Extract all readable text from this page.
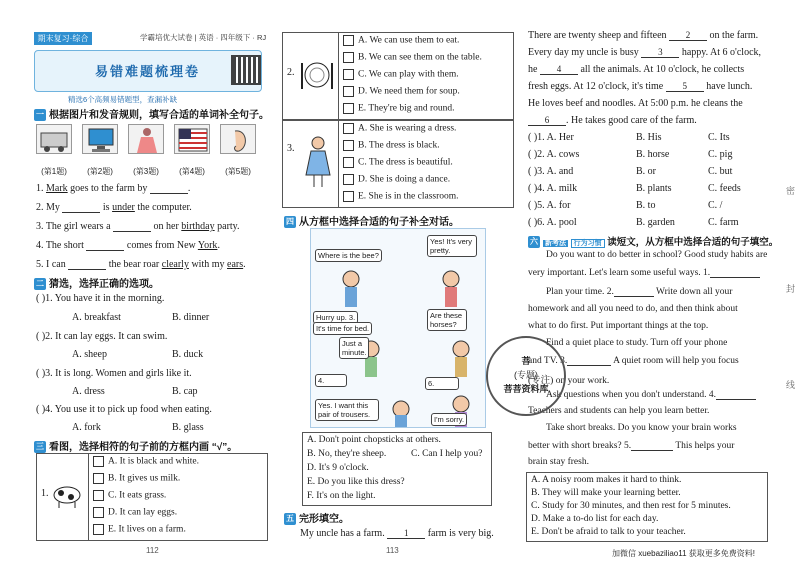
期末复习·综合	学霸培优大试卷 | 英语 · 四年级下 · RJ
易错难题梳理卷
精选6个高频易错题型，查漏补缺
一 根据图片和发音规则，填写合适的单词补全句子。
(第1题)	(第2题)	(第3题)	(第4题)	(第5题)
1. Mark goes to the farm by	.
2. My	is under the computer.
3. The girl wears a	on her birthday party.
4. The short	comes from New York.
5. I can	the bear roar clearly with my ears.
二 猜选，选择正确的选项。
( )1. You have it in the morning.
A. breakfast	B. dinner
( )2. It can lay eggs. It can swim.
A. sheep	B. duck
( )3. It is long. Women and girls like it.
A. dress	B. cap
( )4. You use it to pick up food when eating.
A. fork	B. glass
三 看图，选择相符的句子前的方框内画 “√”。
1.
A. It is black and white.
B. It gives us milk.
C. It eats grass.
D. It can lay eggs.
E. It lives on a farm.
112
2.
A. We can use them to eat.
B. We can see them on the table.
C. We can play with them.
D. We need them for soup.
E. They're big and round.
3.
A. She is wearing a dress.
B. The dress is black.
C. The dress is beautiful.
D. She is doing a dance.
E. She is in the classroom.
四 从方框中选择合适的句子补全对话。
Where is the bee?
Yes! It's very pretty.
Hurry up. 3.
It's time for bed.
Are these horses?
Just a minute.
4.
Yes. I want this pair of trousers.
I'm sorry.
6.
A. Don't point chopsticks at others.
B. No, they're sheep.	C. Can I help you?
D. It's 9 o'clock.
E. Do you like this dress?
F. It's on the light.
五 完形填空。
My uncle has a farm. 1 farm is very big.
113
There are twenty sheep and fifteen 2 on the farm.
Every day my uncle is busy 3 happy. At 6 o'clock,
he 4 all the animals. At 10 o'clock, he collects
fresh eggs. At 12 o'clock, it's time 5 have lunch.
He loves beef and noodles. At 5:00 p.m. he cleans the
6 . He takes good care of the farm.
( )1. A. Her	B. His	C. Its
( )2. A. cows	B. horse	C. pig
( )3. A. and	B. or	C. but
( )4. A. milk	B. plants	C. feeds
( )5. A. for	B. to	C. /
( )6. A. pool	B. garden	C. farm
六 新考法 行为习惯 读短文，从方框中选择合适的句子填空。
Do you want to do better in school? Good study habits are
very important. Let's learn some useful ways. 1.
Plan your time. 2.	Write down all your
homework and all you need to do, and then think about
what to do first. Put important things at the top.
Find a quiet place to study. Turn off your phone
and TV. 3.	A quiet room will help you focus
(专注) on your work.
Ask questions when you don't understand. 4.
Teachers and students can help you learn better.
Take short breaks. Do you know your brain works
better with short breaks? 5.	This helps your
brain stay fresh.
A. A noisy room makes it hard to think.
B. They will make your learning better.
C. Study for 30 minutes, and then rest for 5 minutes.
D. Make a to-do list for each day.
E. Don't be afraid to talk to your teacher.
菩
(专题)
菩菩资料库
密
封
线
加微信 xuebaziliao11 获取更多免费资料!
